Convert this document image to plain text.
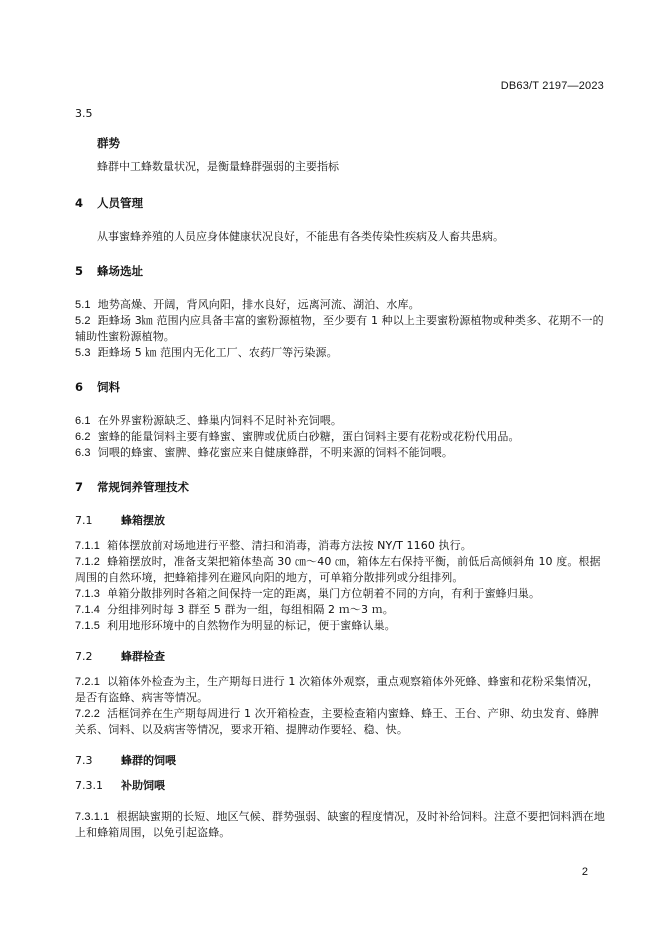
DB63/T 2197—2023

3.5

群势

蜂群中工蜂数量状况，是衡量蜂群强弱的主要指标

4 人员管理

从事蜜蜂养殖的人员应身体健康状况良好，不能患有各类传染性疾病及人畜共患病。

5 蜂场选址

5.1 地势高燥、开阔，背风向阳，排水良好，远离河流、湖泊、水库。

5.2 距蜂场 3㎞ 范围内应具备丰富的蜜粉源植物，至少要有 1 种以上主要蜜粉源植物或种类多、花期不一的辅助性蜜粉源植物。

5.3 距蜂场 5 ㎞ 范围内无化工厂、农药厂等污染源。

6 饲料

6.1 在外界蜜粉源缺乏、蜂巢内饲料不足时补充饲喂。

6.2 蜜蜂的能量饲料主要有蜂蜜、蜜脾或优质白砂糖，蛋白饲料主要有花粉或花粉代用品。

6.3 饲喂的蜂蜜、蜜脾、蜂花蜜应来自健康蜂群，不明来源的饲料不能饲喂。

7 常规饲养管理技术
7.1	蜂箱摆放

7.1.1 箱体摆放前对场地进行平整、清扫和消毒，消毒方法按 NY/T 1160 执行。

7.1.2 蜂箱摆放时，准备支架把箱体垫高 30 ㎝～40 ㎝，箱体左右保持平衡，前低后高倾斜角 10 度。根据周围的自然环境，把蜂箱排列在避风向阳的地方，可单箱分散排列或分组排列。

7.1.3 单箱分散排列时各箱之间保持一定的距离，巢门方位朝着不同的方向，有利于蜜蜂归巢。

7.1.4 分组排列时每 3 群至 5 群为一组，每组相隔 2 ｍ～3 ｍ。

7.1.5 利用地形环境中的自然物作为明显的标记，便于蜜蜂认巢。

7.2	蜂群检查

7.2.1 以箱体外检查为主，生产期每日进行 1 次箱体外观察，重点观察箱体外死蜂、蜂蜜和花粉采集情况，是否有盗蜂、病害等情况。

7.2.2 活框饲养在生产期每周进行 1 次开箱检查，主要检查箱内蜜蜂、蜂王、王台、产卵、幼虫发育、蜂脾关系、饲料、以及病害等情况，要求开箱、提脾动作要轻、稳、快。

7.3	蜂群的饲喂
7.3.1 补助饲喂

7.3.1.1 根据缺蜜期的长短、地区气候、群势强弱、缺蜜的程度情况，及时补给饲料。注意不要把饲料洒在地上和蜂箱周围，以免引起盗蜂。

2
